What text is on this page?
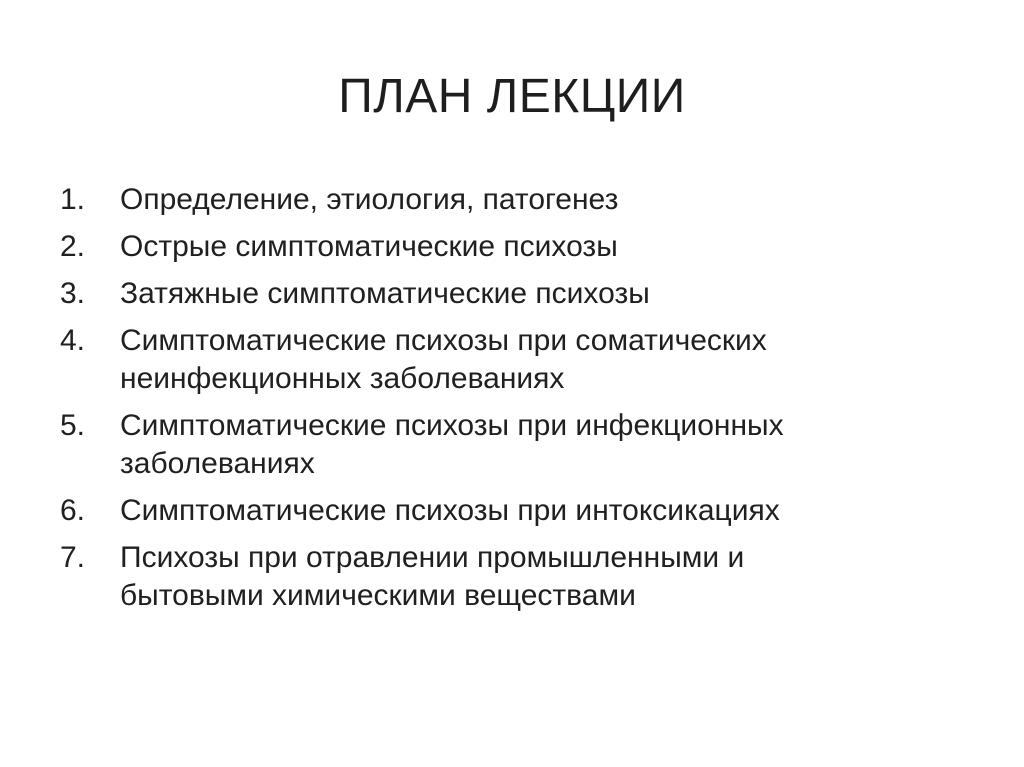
ПЛАН ЛЕКЦИИ
1.	Определение, этиология, патогенез
2.	Острые симптоматические психозы
3.	Затяжные симптоматические психозы
4.	Симптоматические психозы при соматических
неинфекционных заболеваниях
5.	Симптоматические психозы при инфекционных
заболеваниях
6.	Симптоматические психозы при интоксикациях
7.	Психозы при отравлении промышленными и
бытовыми химическими веществами
